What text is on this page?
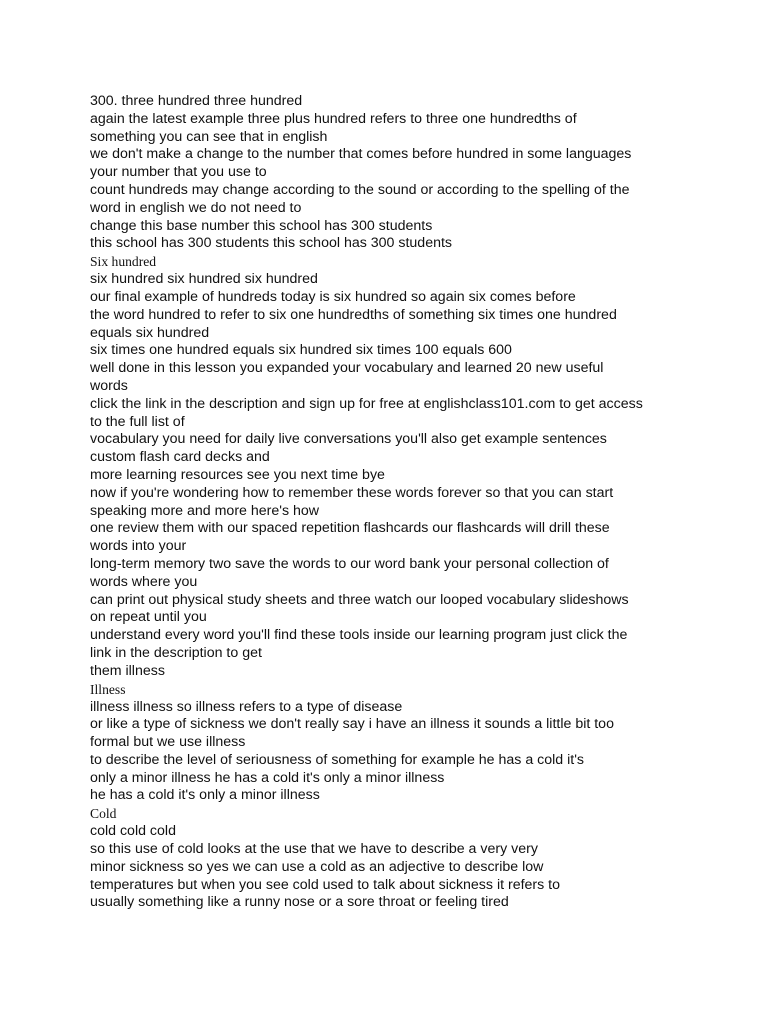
300. three hundred three hundred
again the latest example three plus hundred refers to three one hundredths of
something you can see that in english
we don't make a change to the number that comes before hundred in some languages
your number that you use to
count hundreds may change according to the sound or according to the spelling of the
word in english we do not need to
change this base number this school has 300 students
this school has 300 students this school has 300 students
Six hundred
six hundred six hundred six hundred
our final example of hundreds today is six hundred so again six comes before
the word hundred to refer to six one hundredths of something six times one hundred
equals six hundred
six times one hundred equals six hundred six times 100 equals 600
well done in this lesson you expanded your vocabulary and learned 20 new useful
words
click the link in the description and sign up for free at englishclass101.com to get access
to the full list of
vocabulary you need for daily live conversations you'll also get example sentences
custom flash card decks and
more learning resources see you next time bye
now if you're wondering how to remember these words forever so that you can start
speaking more and more here's how
one review them with our spaced repetition flashcards our flashcards will drill these
words into your
long-term memory two save the words to our word bank your personal collection of
words where you
can print out physical study sheets and three watch our looped vocabulary slideshows
on repeat until you
understand every word you'll find these tools inside our learning program just click the
link in the description to get
them illness
Illness
illness illness so illness refers to a type of disease
or like a type of sickness we don't really say i have an illness it sounds a little bit too
formal but we use illness
to describe the level of seriousness of something for example he has a cold it's
only a minor illness he has a cold it's only a minor illness
he has a cold it's only a minor illness
Cold
cold cold cold
so this use of cold looks at the use that we have to describe a very very
minor sickness so yes we can use a cold as an adjective to describe low
temperatures but when you see cold used to talk about sickness it refers to
usually something like a runny nose or a sore throat or feeling tired
